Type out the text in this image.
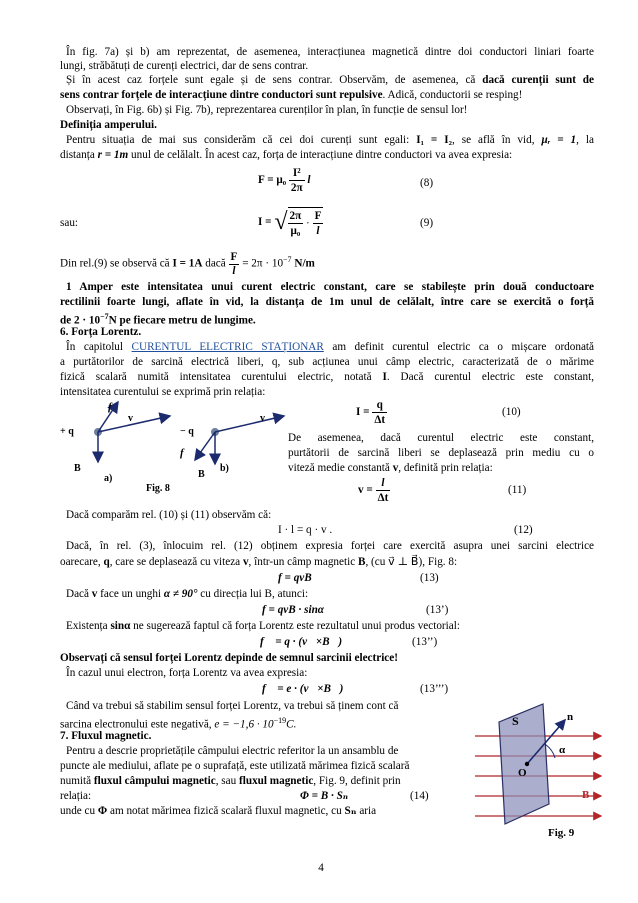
În fig. 7a) și b) am reprezentat, de asemenea, interacțiunea magnetică dintre doi conductori liniari foarte
lungi, străbătuți de curenți electrici, dar de sens contrar.
Și în acest caz forțele sunt egale și de sens contrar. Observăm, de asemenea, că dacă curenții sunt de
sens contrar forțele de interacțiune dintre conductori sunt repulsive. Adică, conductorii se resping!
Observați, în Fig. 6b) și Fig. 7b), reprezentarea curenților în plan, în funcție de sensul lor!
Definiția amperului.
Pentru situația de mai sus considerăm că cei doi curenți sunt egali: I₁ = I₂, se află în vid, μᵣ = 1, la
distanța r = 1m unul de celălalt. În acest caz, forța de interacțiune dintre conductori va avea expresia:
$F = \mu_0 \frac{\text{I²}}{2\pi}$ l	(8)
sau:	I = √ $\frac{2\pi}{\text{μ₀}} \cdot \frac{F}{l}$	(9)
Din rel.(9) se observă că I = 1A dacă $\frac{F}{l} = 2\pi \cdot 10^{-7}$ N/m
1 Amper este intensitatea unui curent electric constant, care se stabilește prin două conductoare
rectilinii foarte lungi, aflate în vid, la distanța de 1m unul de celălalt, între care se exercită o forță
de $2 \cdot 10^{-7}N$ pe fiecare metru de lungime.
6. Forța Lorentz.
În capitolul CURENTUL ELECTRIC STAȚIONAR am definit curentul electric ca o mișcare ordonată
a purtătorilor de sarcină electrică liberi, q, sub acțiunea unui câmp electric, caracterizată de o mărime
fizică scalară numită intensitatea curentului electric, notată I. Dacă curentul electric este constant,
intensitatea curentului se exprimă prin relația:
+ q
f
v
B
a)
− q
f
v
B
b)
Fig. 8
$I = \frac{q}{\Delta t}$	(10)
De asemenea, dacă curentul electric este constant,
purtătorii de sarcină liberi se deplasează prin mediu cu o
viteză medie constantă v, definită prin relația:
$v = \frac{l}{\Delta t}$	(11)
Dacă comparăm rel. (10) și (11) observăm că:
I · l = q · v .	(12)
Dacă, în rel. (3), înlocuim rel. (12) obținem expresia forței care exercită asupra unei sarcini electrice
oarecare, q, care se deplasează cu viteza v, într-un câmp magnetic B, (cu v⃗ ⊥ B⃗), Fig. 8:
f = qvB	(13)
Dacă v face un unghi α ≠ 90° cu direcția lui B, atunci:
f = qvB · sinα	(13’)
Existența sinα ne sugerează faptul că forța Lorentz este rezultatul unui produs vectorial:
f⃗ = q · (v⃗×B⃗)	(13’’)
Observați că sensul forței Lorentz depinde de semnul sarcinii electrice!
În cazul unui electron, forța Lorentz va avea expresia:
f⃗ = e · (v⃗×B⃗)	(13’’’)
Când va trebui să stabilim sensul forței Lorentz, va trebui să ținem cont că
sarcina electronului este negativă, $e = -1,6 \cdot 10^{-19}C$.
7. Fluxul magnetic.
Pentru a descrie proprietățile câmpului electric referitor la un ansamblu de
puncte ale mediului, aflate pe o suprafață, este utilizată mărimea fizică scalară
numită fluxul câmpului magnetic, sau fluxul magnetic, Fig. 9, definit prin
relația:	Φ = B · Sₙ	(14)
unde cu Φ am notat mărimea fizică scalară fluxul magnetic, cu Sₙ aria
S	n
α
O
B
Fig. 9
4
